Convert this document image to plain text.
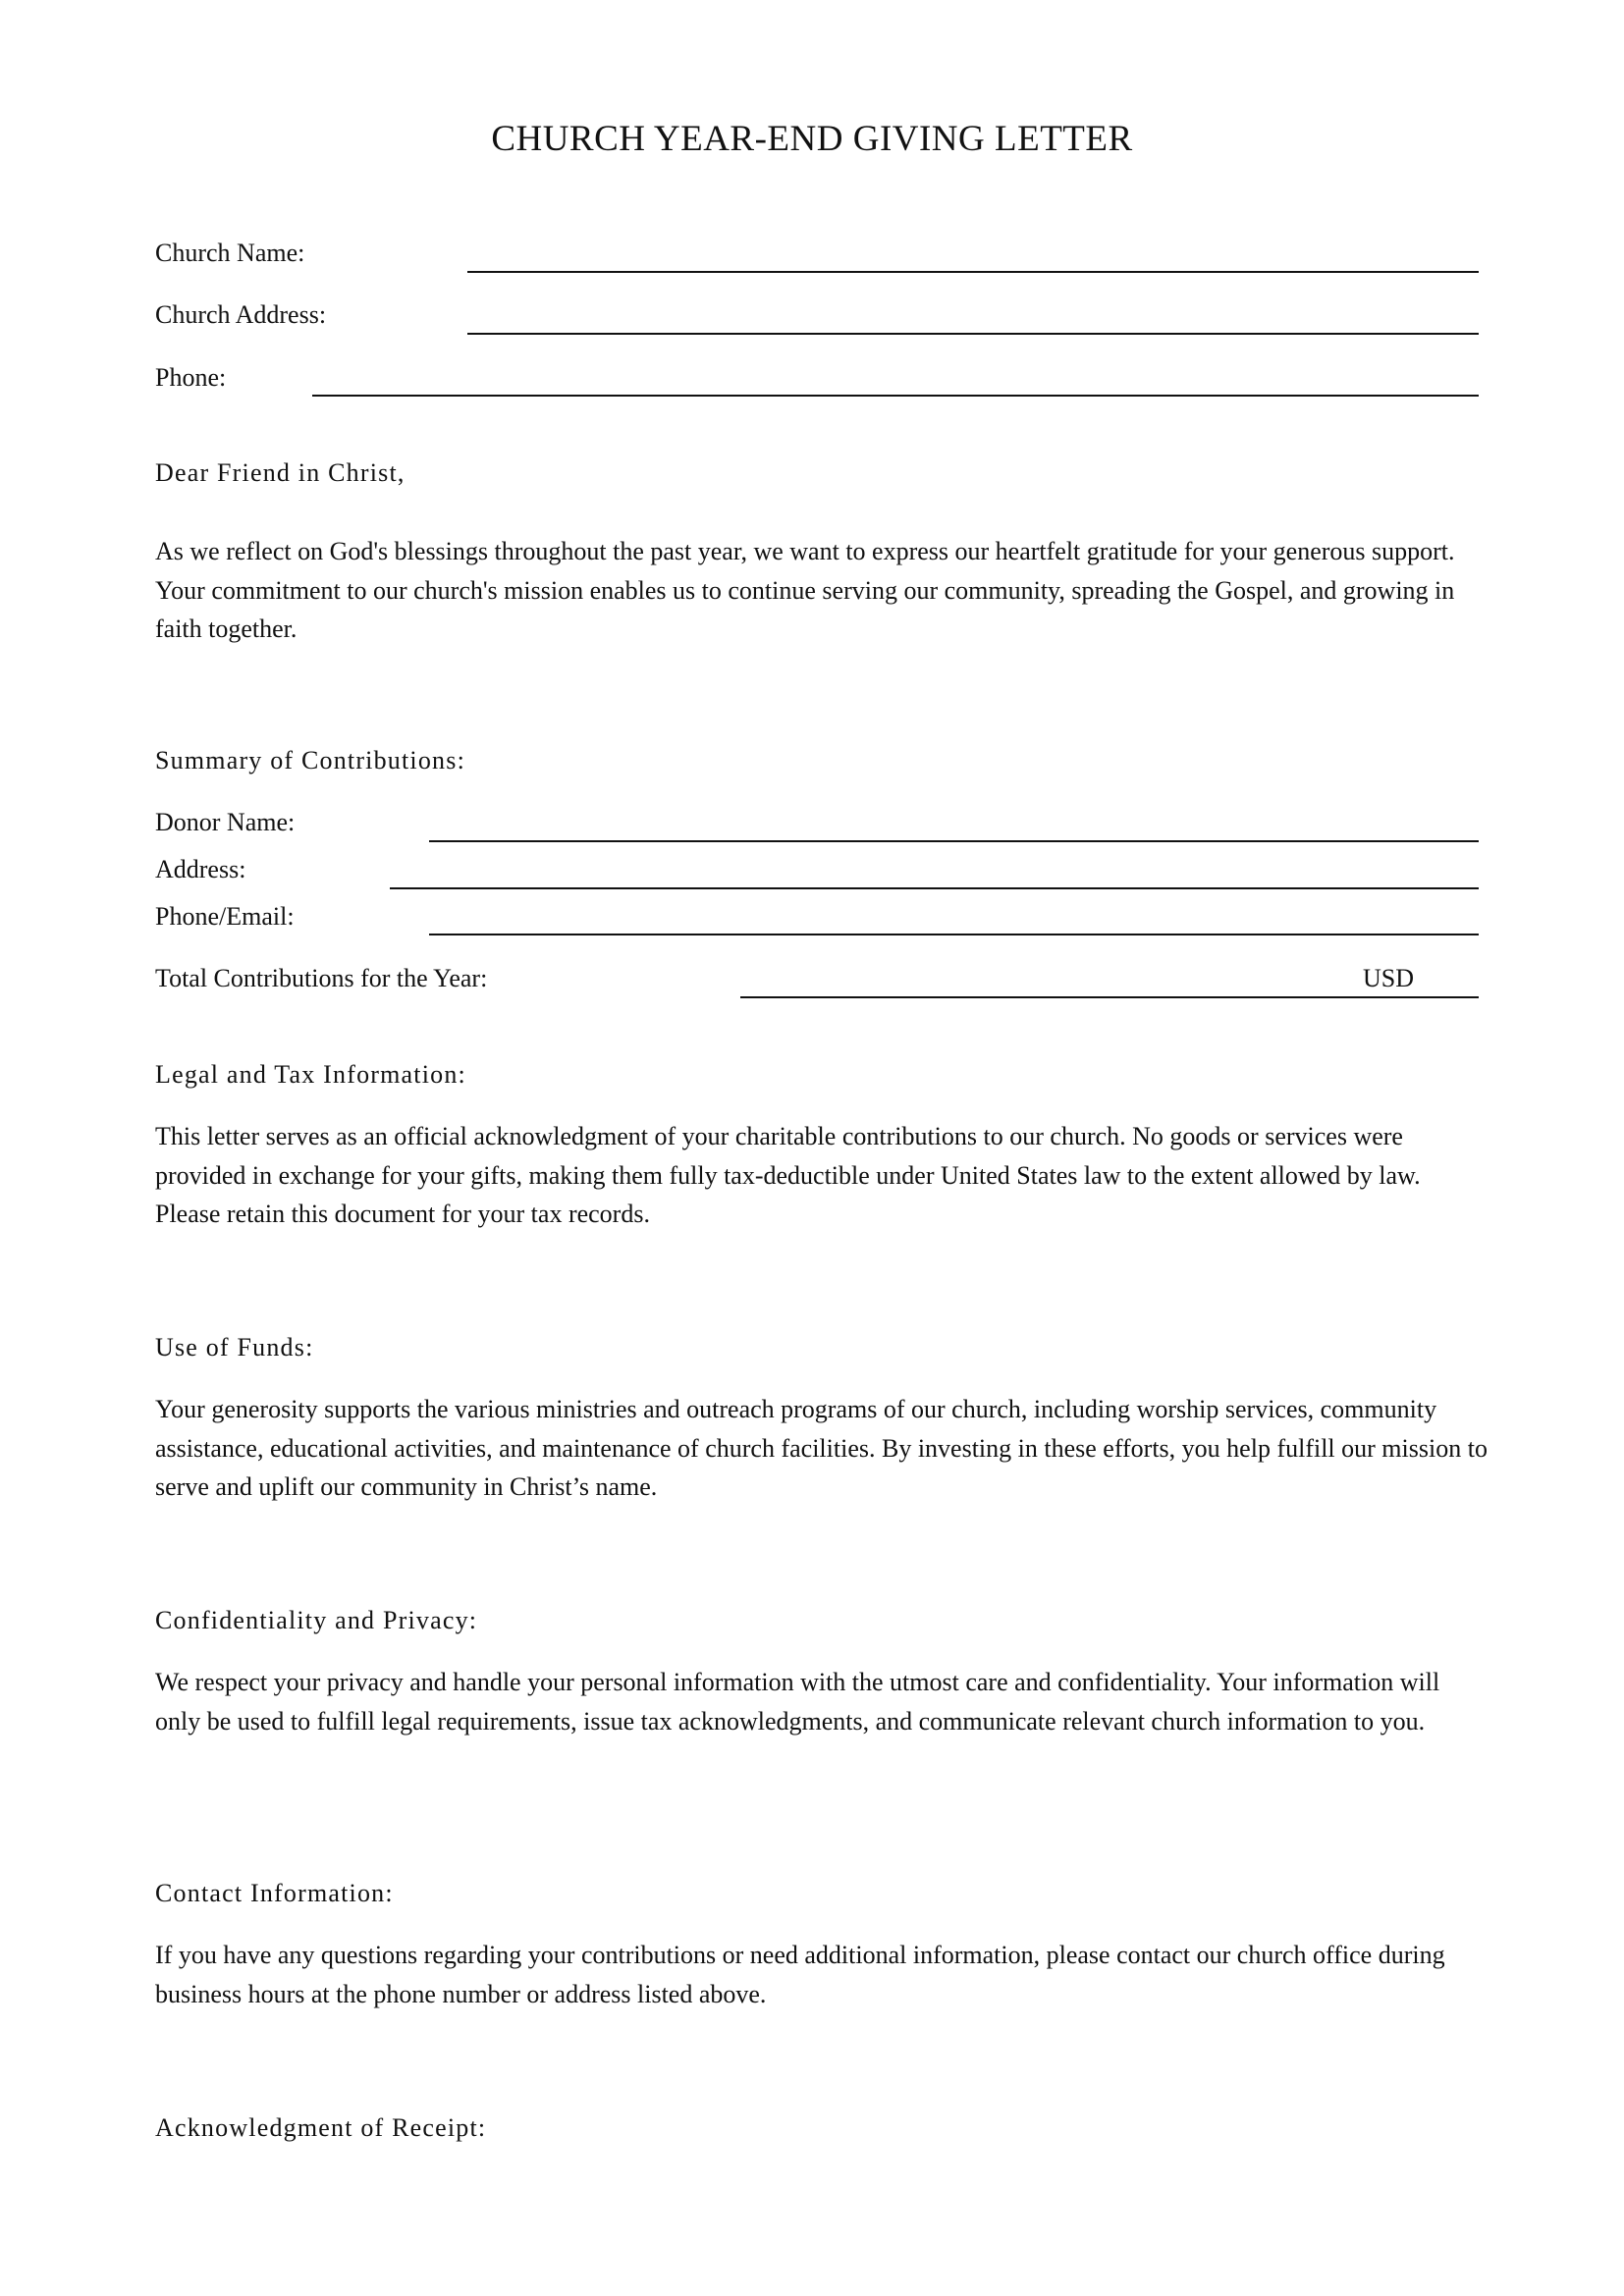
CHURCH YEAR-END GIVING LETTER
Church Name:
Church Address:
Phone:
Dear Friend in Christ,
As we reflect on God's blessings throughout the past year, we want to express our heartfelt gratitude for your generous support. Your commitment to our church's mission enables us to continue serving our community, spreading the Gospel, and growing in faith together.
Summary of Contributions:
Donor Name:
Address:
Phone/Email:
Total Contributions for the Year:	USD
Legal and Tax Information:
This letter serves as an official acknowledgment of your charitable contributions to our church. No goods or services were provided in exchange for your gifts, making them fully tax-deductible under United States law to the extent allowed by law. Please retain this document for your tax records.
Use of Funds:
Your generosity supports the various ministries and outreach programs of our church, including worship services, community assistance, educational activities, and maintenance of church facilities. By investing in these efforts, you help fulfill our mission to serve and uplift our community in Christ’s name.
Confidentiality and Privacy:
We respect your privacy and handle your personal information with the utmost care and confidentiality. Your information will only be used to fulfill legal requirements, issue tax acknowledgments, and communicate relevant church information to you.
Contact Information:
If you have any questions regarding your contributions or need additional information, please contact our church office during business hours at the phone number or address listed above.
Acknowledgment of Receipt:
